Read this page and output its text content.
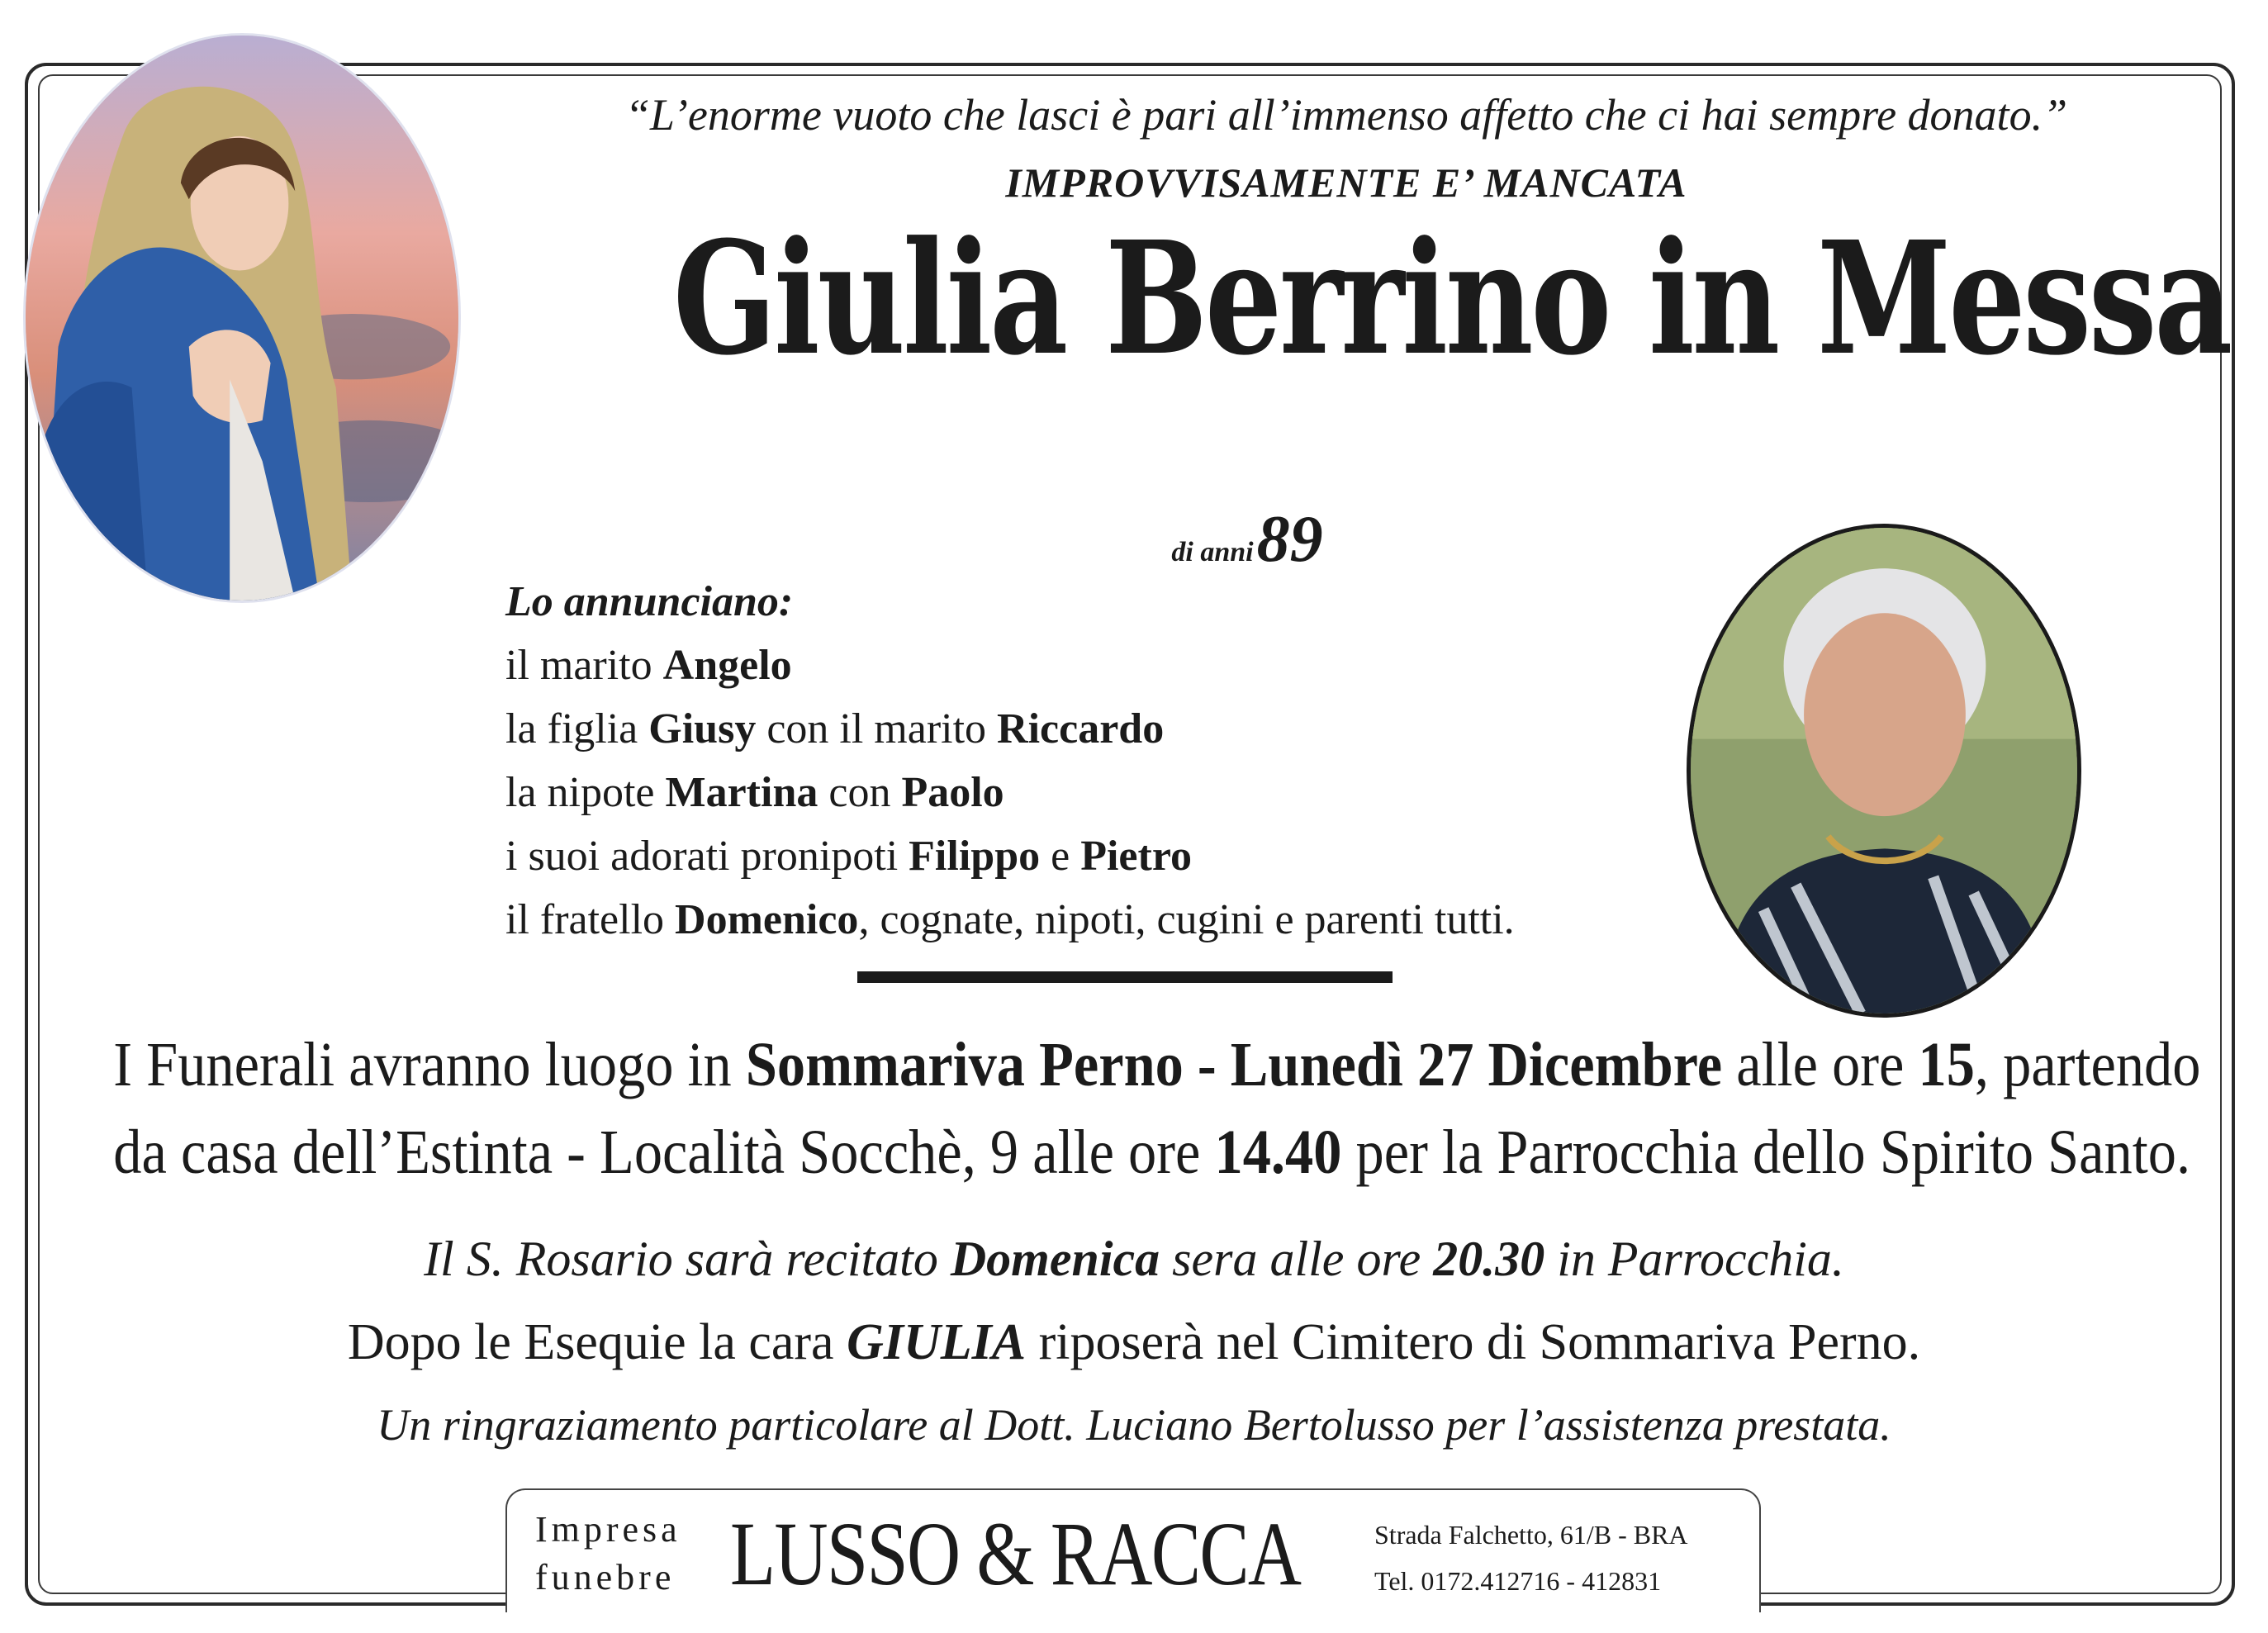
“L’enorme vuoto che lasci è pari all’immenso affetto che ci hai sempre donato.”
IMPROVVISAMENTE E’ MANCATA
Giulia Berrino in Messa
di anni 89
Lo annunciano:
il marito Angelo
la figlia Giusy con il marito Riccardo
la nipote Martina con Paolo
i suoi adorati pronipoti Filippo e Pietro
il fratello Domenico, cognate, nipoti, cugini e parenti tutti.
I Funerali avranno luogo in Sommariva Perno - Lunedì 27 Dicembre alle ore 15, partendo
da casa dell’Estinta - Località Socchè, 9 alle ore 14.40 per la Parrocchia dello Spirito Santo.
Il S. Rosario sarà recitato Domenica sera alle ore 20.30 in Parrocchia.
Dopo le Esequie la cara GIULIA riposerà nel Cimitero di Sommariva Perno.
Un ringraziamento particolare al Dott. Luciano Bertolusso per l’assistenza prestata.
Impresa
funebre LUSSO & RACCA	Strada Falchetto, 61/B - BRA
Tel. 0172.412716 - 412831
